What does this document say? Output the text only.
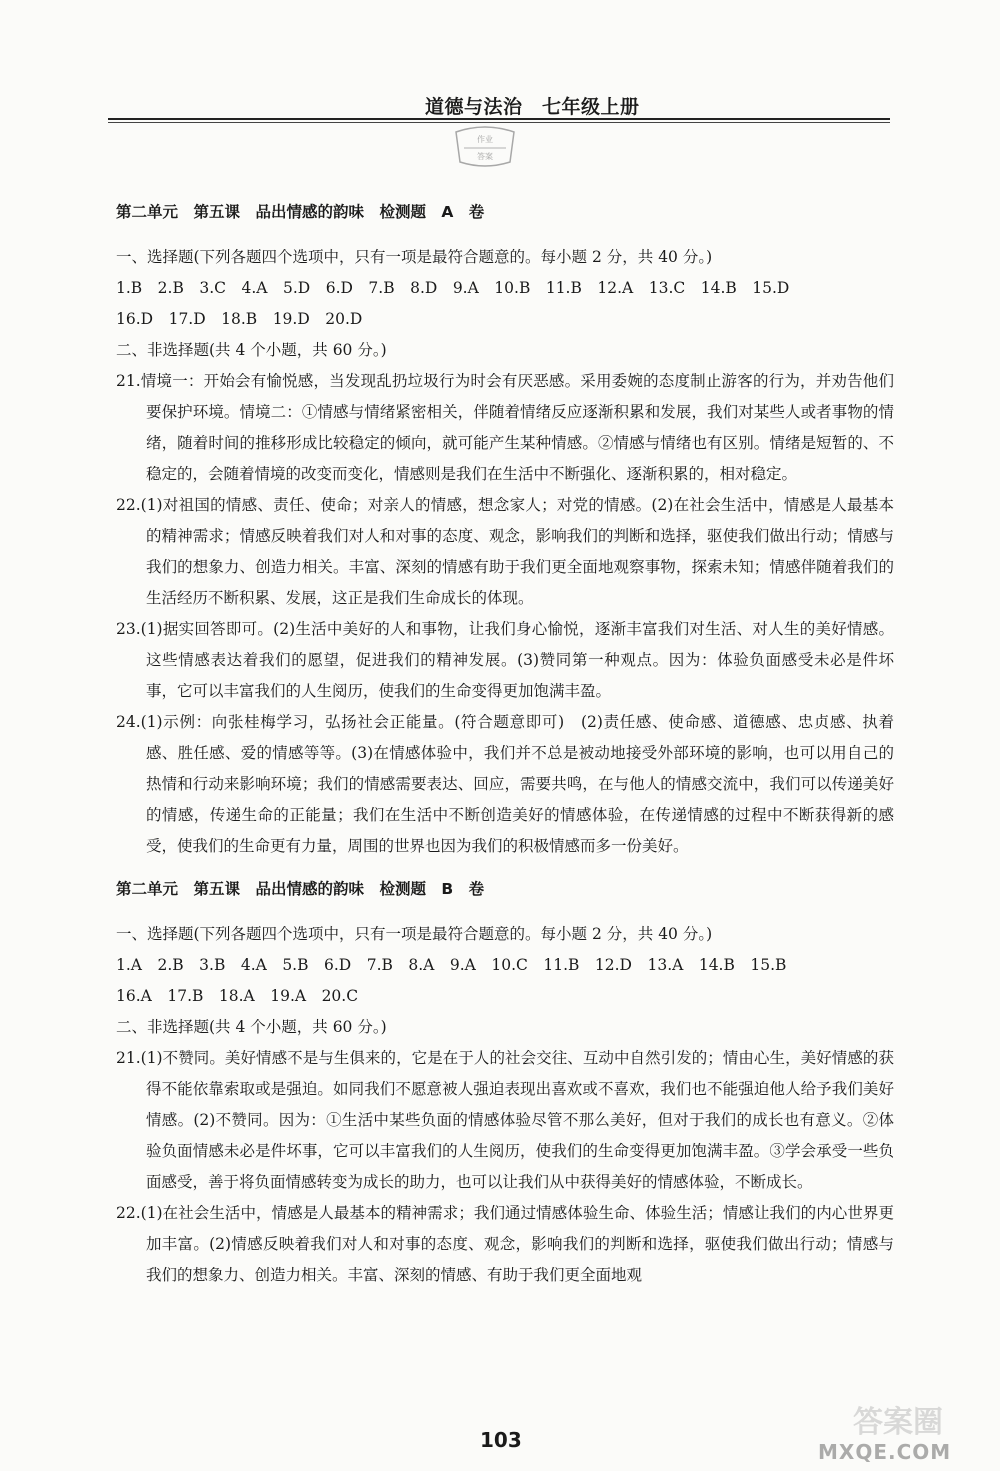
道德与法治　七年级上册
作业
答案
第二单元　第五课　品出情感的韵味　检测题 A 卷

一、选择题(下列各题四个选项中，只有一项是最符合题意的。每小题 2 分，共 40 分。)

1.B　2.B　3.C　4.A　5.D　6.D　7.B　8.D　9.A　10.B　11.B　12.A　13.C　14.B　15.D

16.D　17.D　18.B　19.D　20.D

二、非选择题(共 4 个小题，共 60 分。)

21.情境一：开始会有愉悦感，当发现乱扔垃圾行为时会有厌恶感。采用委婉的态度制止游客的行为，并劝告他们要保护环境。情境二：①情感与情绪紧密相关，伴随着情绪反应逐渐积累和发展，我们对某些人或者事物的情绪，随着时间的推移形成比较稳定的倾向，就可能产生某种情感。②情感与情绪也有区别。情绪是短暂的、不稳定的，会随着情境的改变而变化，情感则是我们在生活中不断强化、逐渐积累的，相对稳定。

22.(1)对祖国的情感、责任、使命；对亲人的情感，想念家人；对党的情感。(2)在社会生活中，情感是人最基本的精神需求；情感反映着我们对人和对事的态度、观念，影响我们的判断和选择，驱使我们做出行动；情感与我们的想象力、创造力相关。丰富、深刻的情感有助于我们更全面地观察事物，探索未知；情感伴随着我们的生活经历不断积累、发展，这正是我们生命成长的体现。

23.(1)据实回答即可。(2)生活中美好的人和事物，让我们身心愉悦，逐渐丰富我们对生活、对人生的美好情感。这些情感表达着我们的愿望，促进我们的精神发展。(3)赞同第一种观点。因为：体验负面感受未必是件坏事，它可以丰富我们的人生阅历，使我们的生命变得更加饱满丰盈。

24.(1)示例：向张桂梅学习，弘扬社会正能量。(符合题意即可)　(2)责任感、使命感、道德感、忠贞感、执着感、胜任感、爱的情感等等。(3)在情感体验中，我们并不总是被动地接受外部环境的影响，也可以用自己的热情和行动来影响环境；我们的情感需要表达、回应，需要共鸣，在与他人的情感交流中，我们可以传递美好的情感，传递生命的正能量；我们在生活中不断创造美好的情感体验，在传递情感的过程中不断获得新的感受，使我们的生命更有力量，周围的世界也因为我们的积极情感而多一份美好。

第二单元　第五课　品出情感的韵味　检测题 B 卷

一、选择题(下列各题四个选项中，只有一项是最符合题意的。每小题 2 分，共 40 分。)

1.A　2.B　3.B　4.A　5.B　6.D　7.B　8.A　9.A　10.C　11.B　12.D　13.A　14.B　15.B

16.A　17.B　18.A　19.A　20.C

二、非选择题(共 4 个小题，共 60 分。)

21.(1)不赞同。美好情感不是与生俱来的，它是在于人的社会交往、互动中自然引发的；情由心生，美好情感的获得不能依靠索取或是强迫。如同我们不愿意被人强迫表现出喜欢或不喜欢，我们也不能强迫他人给予我们美好情感。(2)不赞同。因为：①生活中某些负面的情感体验尽管不那么美好，但对于我们的成长也有意义。②体验负面情感未必是件坏事，它可以丰富我们的人生阅历，使我们的生命变得更加饱满丰盈。③学会承受一些负面感受，善于将负面情感转变为成长的助力，也可以让我们从中获得美好的情感体验，不断成长。

22.(1)在社会生活中，情感是人最基本的精神需求；我们通过情感体验生命、体验生活；情感让我们的内心世界更加丰富。(2)情感反映着我们对人和对事的态度、观念，影响我们的判断和选择，驱使我们做出行动；情感与我们的想象力、创造力相关。丰富、深刻的情感、有助于我们更全面地观

103	答案圈
MXQE.COM
